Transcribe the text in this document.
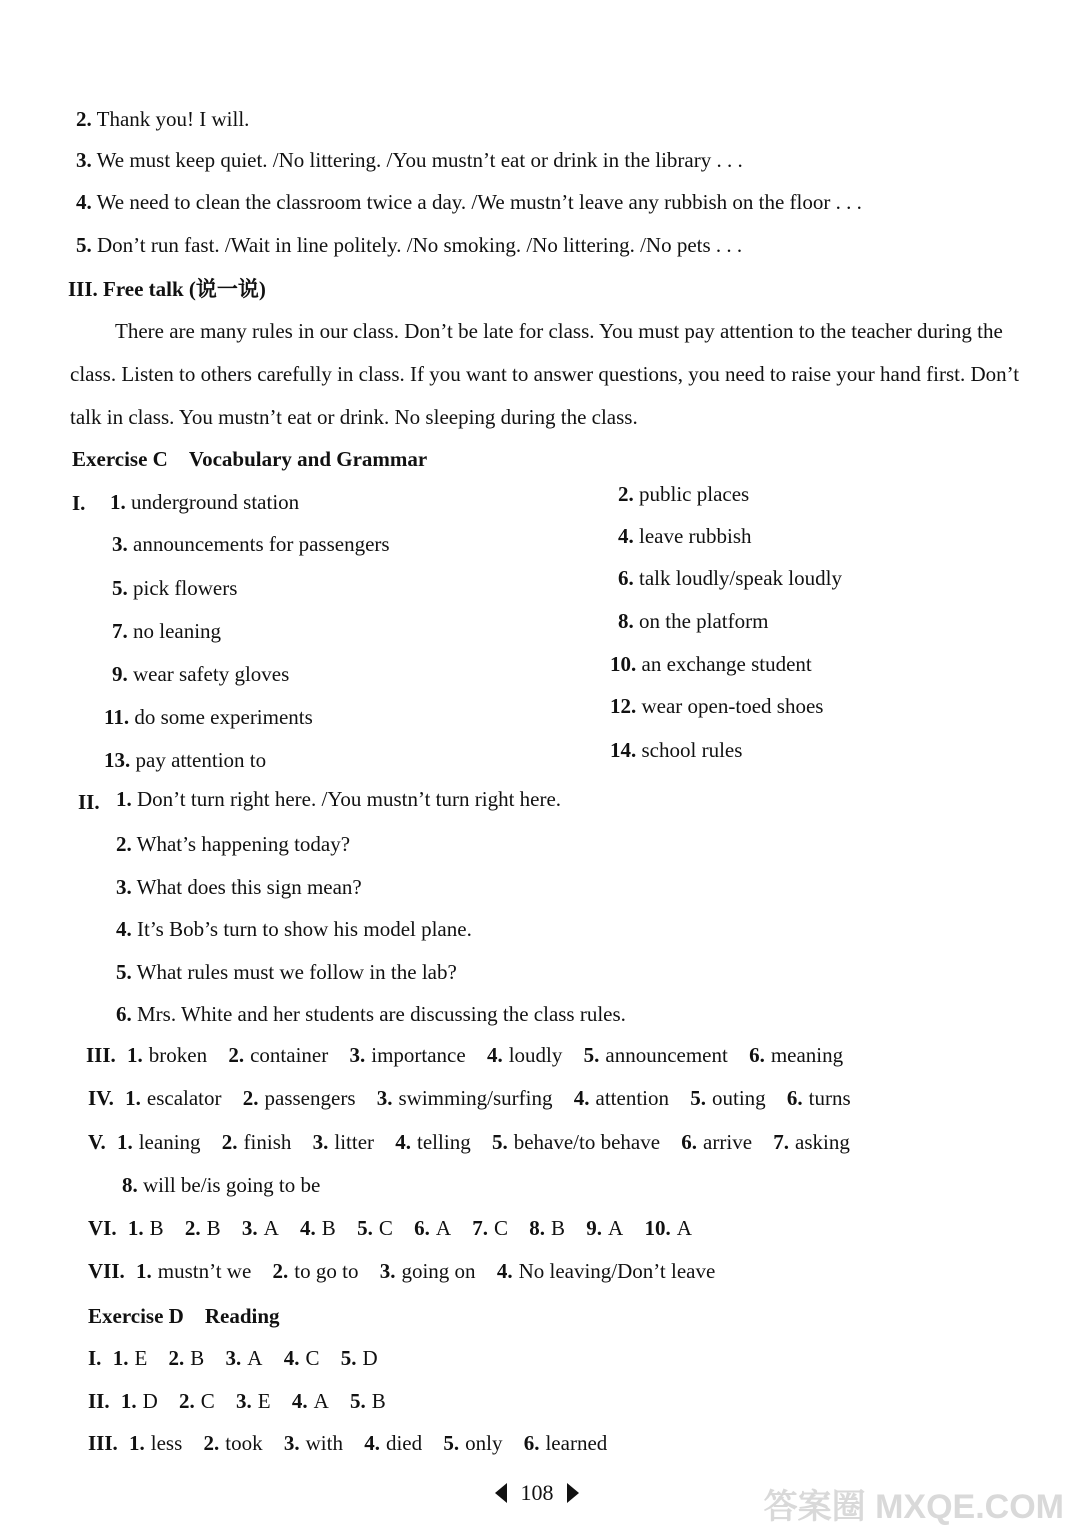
2. Thank you! I will.
3. We must keep quiet. /No littering. /You mustn’t eat or drink in the library . . .
4. We need to clean the classroom twice a day. /We mustn’t leave any rubbish on the floor . . .
5. Don’t run fast. /Wait in line politely. /No smoking. /No littering. /No pets . . .
III. Free talk (说一说)
There are many rules in our class. Don’t be late for class. You must pay attention to the teacher during the class. Listen to others carefully in class. If you want to answer questions, you need to raise your hand first. Don’t talk in class. You mustn’t eat or drink. No sleeping during the class.
Exercise C　Vocabulary and Grammar
I. 1. underground station
3. announcements for passengers
5. pick flowers
7. no leaning
9. wear safety gloves
11. do some experiments
13. pay attention to
2. public places
4. leave rubbish
6. talk loudly/speak loudly
8. on the platform
10. an exchange student
12. wear open-toed shoes
14. school rules
II. 1. Don’t turn right here. /You mustn’t turn right here.
2. What’s happening today?
3. What does this sign mean?
4. It’s Bob’s turn to show his model plane.
5. What rules must we follow in the lab?
6. Mrs. White and her students are discussing the class rules.
III. 1. broken 2. container 3. importance 4. loudly 5. announcement 6. meaning
IV. 1. escalator 2. passengers 3. swimming/surfing 4. attention 5. outing 6. turns
V. 1. leaning 2. finish 3. litter 4. telling 5. behave/to behave 6. arrive 7. asking
8. will be/is going to be
VI. 1. B 2. B 3. A 4. B 5. C 6. A 7. C 8. B 9. A 10. A
VII. 1. mustn’t we 2. to go to 3. going on 4. No leaving/Don’t leave
Exercise D　Reading
I. 1. E 2. B 3. A 4. C 5. D
II. 1. D 2. C 3. E 4. A 5. B
III. 1. less 2. took 3. with 4. died 5. only 6. learned
108	答案圈 MXQE.COM
